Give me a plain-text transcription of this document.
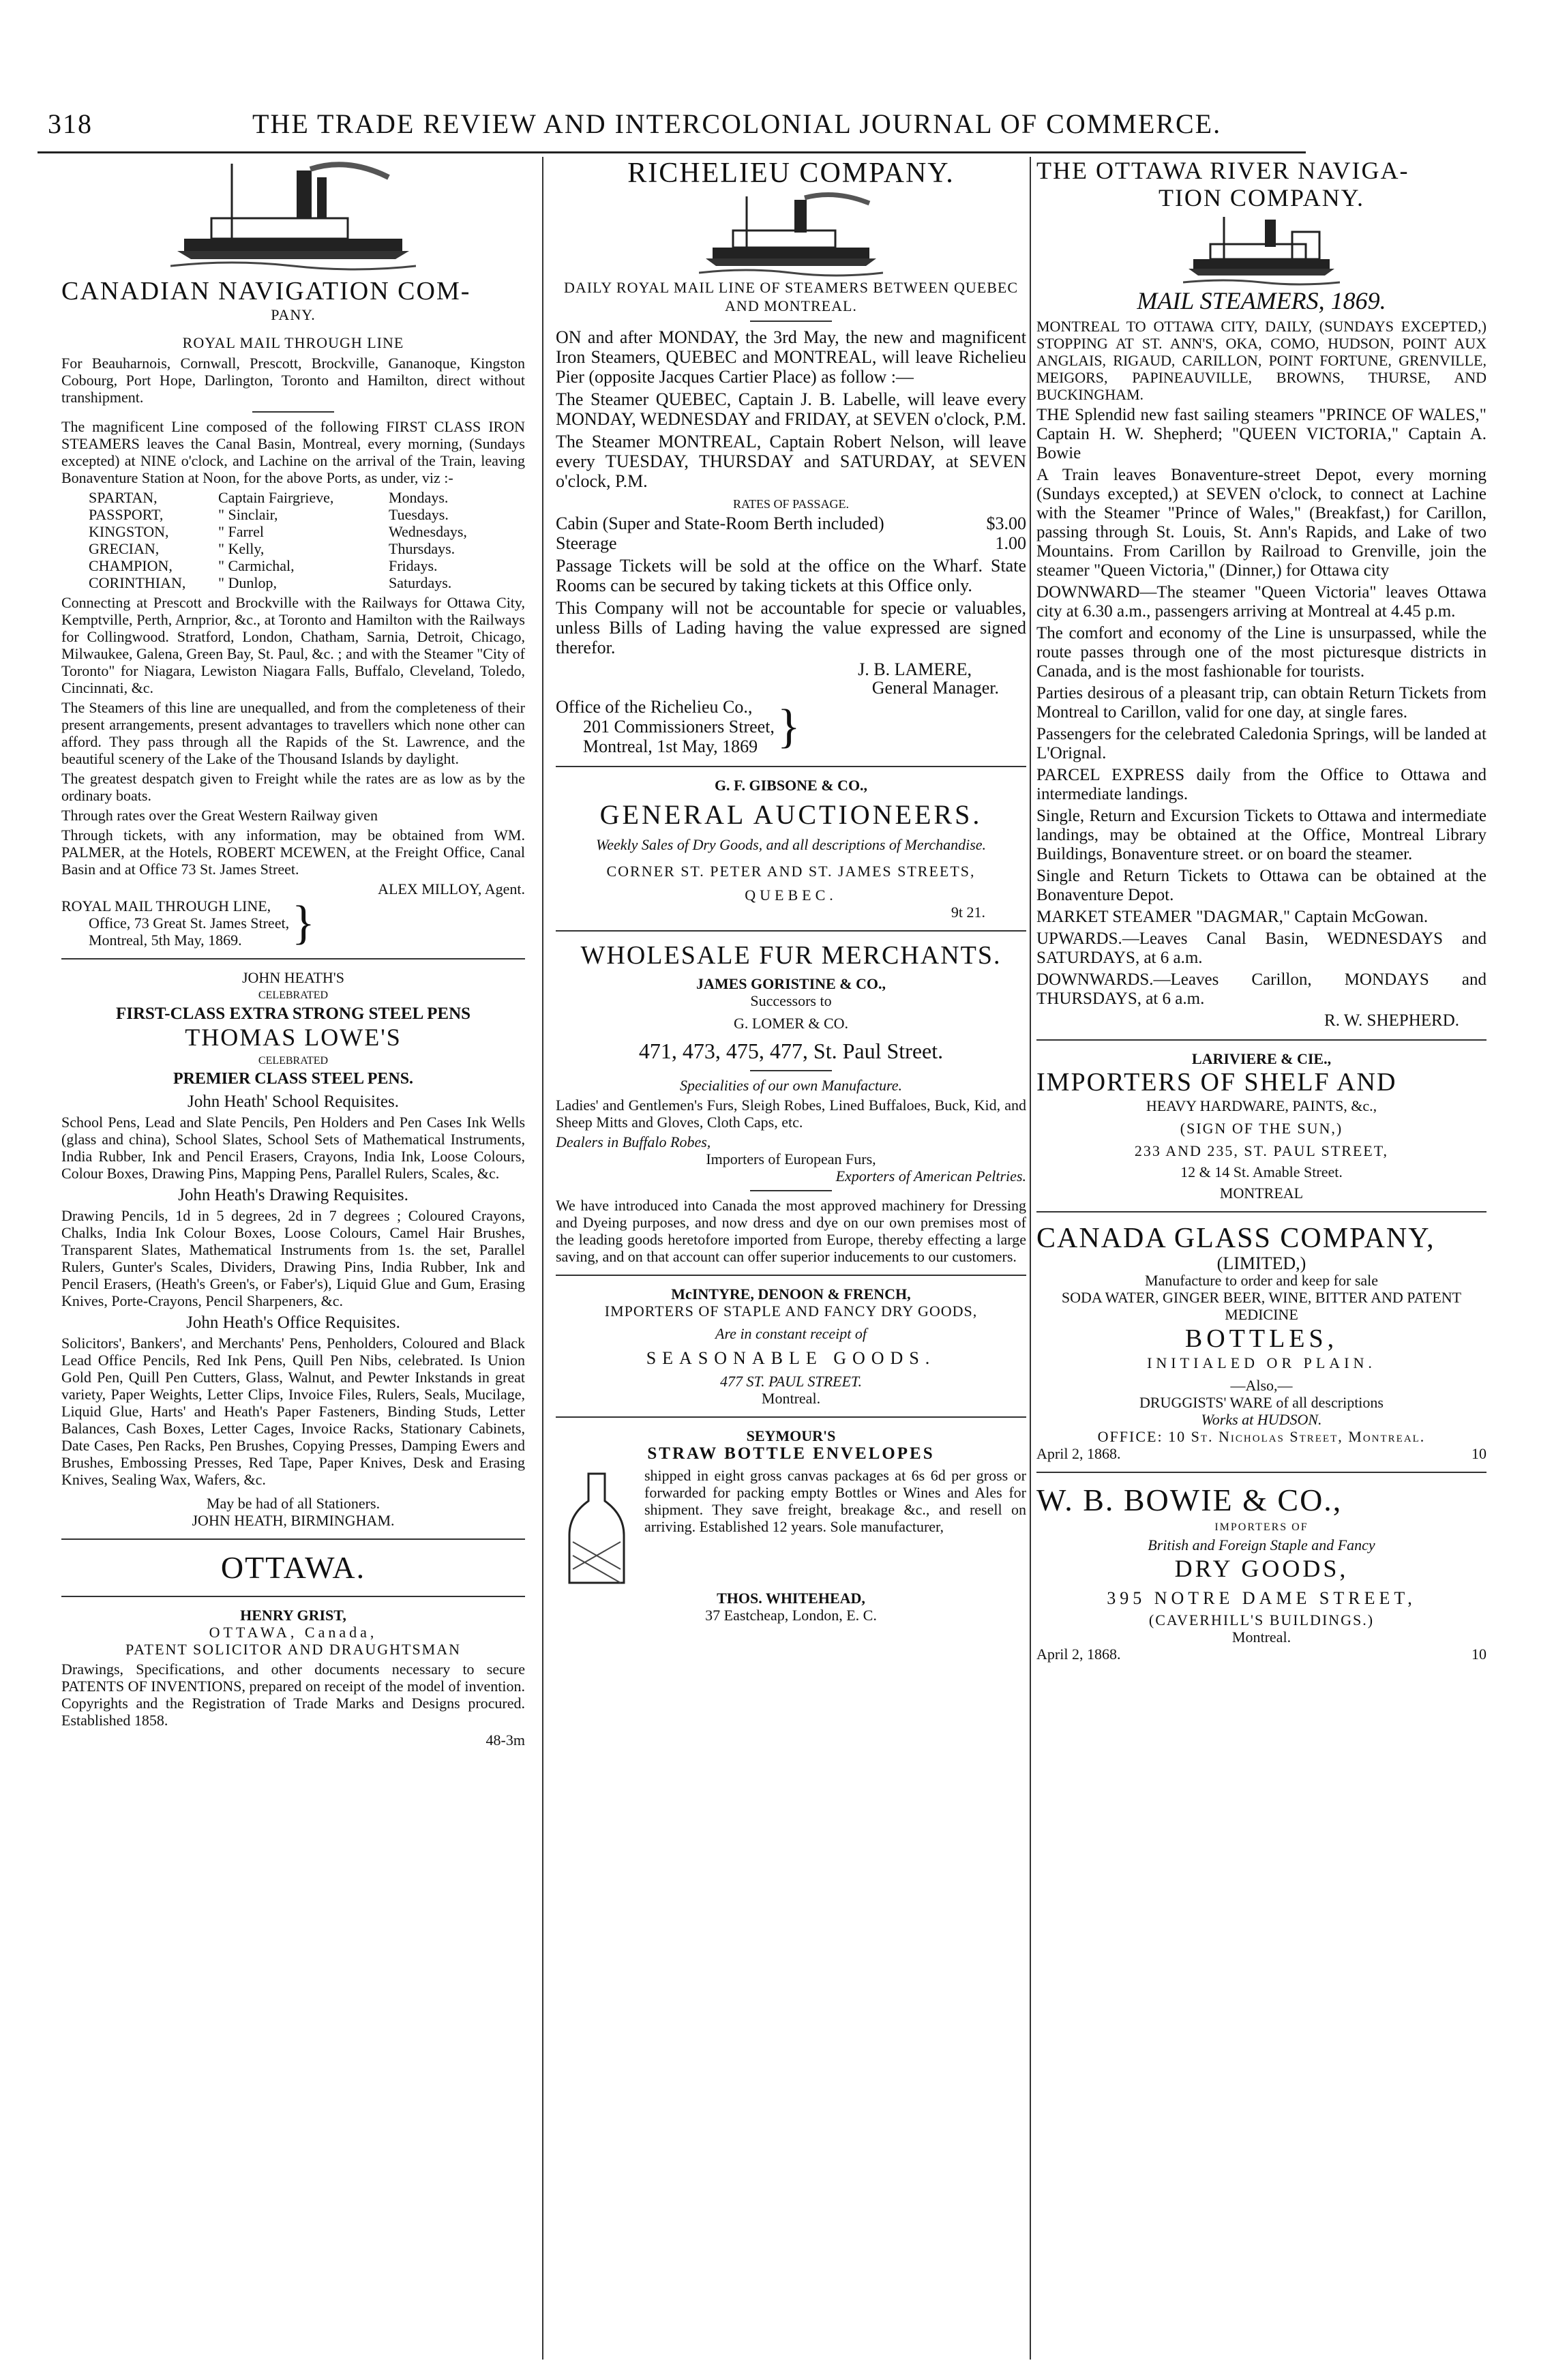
318	THE TRADE REVIEW AND INTERCOLONIAL JOURNAL OF COMMERCE.
CANADIAN NAVIGATION COM-
PANY.
ROYAL MAIL THROUGH LINE
For Beauharnois, Cornwall, Prescott, Brockville, Gananoque, Kingston Cobourg, Port Hope, Darlington, Toronto and Hamilton, direct without transhipment.
The magnificent Line composed of the following FIRST CLASS IRON STEAMERS leaves the Canal Basin, Montreal, every morning, (Sundays excepted) at NINE o'clock, and Lachine on the arrival of the Train, leaving Bonaventure Station at Noon, for the above Ports, as under, viz :-
SPARTAN,	Captain Fairgrieve,	Mondays.
PASSPORT,	" Sinclair,	Tuesdays.
KINGSTON,	" Farrel	Wednesdays,
GRECIAN,	" Kelly,	Thursdays.
CHAMPION,	" Carmichal,	Fridays.
CORINTHIAN,	" Dunlop,	Saturdays.
Connecting at Prescott and Brockville with the Railways for Ottawa City, Kemptville, Perth, Arnprior, &c., at Toronto and Hamilton with the Railways for Collingwood. Stratford, London, Chatham, Sarnia, Detroit, Chicago, Milwaukee, Galena, Green Bay, St. Paul, &c. ; and with the Steamer "City of Toronto" for Niagara, Lewiston Niagara Falls, Buffalo, Cleveland, Toledo, Cincinnati, &c.
The Steamers of this line are unequalled, and from the completeness of their present arrangements, present advantages to travellers which none other can afford. They pass through all the Rapids of the St. Lawrence, and the beautiful scenery of the Lake of the Thousand Islands by daylight.
The greatest despatch given to Freight while the rates are as low as by the ordinary boats.
Through rates over the Great Western Railway given
Through tickets, with any information, may be obtained from WM. PALMER, at the Hotels, ROBERT MCEWEN, at the Freight Office, Canal Basin and at Office 73 St. James Street.
ALEX MILLOY, Agent.
ROYAL MAIL THROUGH LINE,
Office, 73 Great St. James Street,
Montreal, 5th May, 1869.	}
JOHN HEATH'S
CELEBRATED
FIRST-CLASS EXTRA STRONG STEEL PENS
THOMAS LOWE'S
CELEBRATED
PREMIER CLASS STEEL PENS.
John Heath' School Requisites.
School Pens, Lead and Slate Pencils, Pen Holders and Pen Cases Ink Wells (glass and china), School Slates, School Sets of Mathematical Instruments, India Rubber, Ink and Pencil Erasers, Crayons, India Ink, Loose Colours, Colour Boxes, Drawing Pins, Mapping Pens, Parallel Rulers, Scales, &c.
John Heath's Drawing Requisites.
Drawing Pencils, 1d in 5 degrees, 2d in 7 degrees ; Coloured Crayons, Chalks, India Ink Colour Boxes, Loose Colours, Camel Hair Brushes, Transparent Slates, Mathematical Instruments from 1s. the set, Parallel Rulers, Gunter's Scales, Dividers, Drawing Pins, India Rubber, Ink and Pencil Erasers, (Heath's Green's, or Faber's), Liquid Glue and Gum, Erasing Knives, Porte-Crayons, Pencil Sharpeners, &c.
John Heath's Office Requisites.
Solicitors', Bankers', and Merchants' Pens, Penholders, Coloured and Black Lead Office Pencils, Red Ink Pens, Quill Pen Nibs, celebrated. Is Union Gold Pen, Quill Pen Cutters, Glass, Walnut, and Pewter Inkstands in great variety, Paper Weights, Letter Clips, Invoice Files, Rulers, Seals, Mucilage, Liquid Glue, Harts' and Heath's Paper Fasteners, Binding Studs, Letter Balances, Cash Boxes, Letter Cages, Invoice Racks, Stationary Cabinets, Date Cases, Pen Racks, Pen Brushes, Copying Presses, Damping Ewers and Brushes, Embossing Presses, Red Tape, Paper Knives, Desk and Erasing Knives, Sealing Wax, Wafers, &c.
May be had of all Stationers.
JOHN HEATH, BIRMINGHAM.
OTTAWA.
HENRY GRIST,
OTTAWA, Canada,
PATENT SOLICITOR AND DRAUGHTSMAN
Drawings, Specifications, and other documents necessary to secure PATENTS OF INVENTIONS, prepared on receipt of the model of invention. Copyrights and the Registration of Trade Marks and Designs procured. Established 1858.
48-3m
RICHELIEU COMPANY.
DAILY ROYAL MAIL LINE OF STEAMERS BETWEEN QUEBEC AND MONTREAL.
ON and after MONDAY, the 3rd May, the new and magnificent Iron Steamers, QUEBEC and MONTREAL, will leave Richelieu Pier (opposite Jacques Cartier Place) as follow :—
The Steamer QUEBEC, Captain J. B. Labelle, will leave every MONDAY, WEDNESDAY and FRIDAY, at SEVEN o'clock, P.M.
The Steamer MONTREAL, Captain Robert Nelson, will leave every TUESDAY, THURSDAY and SATURDAY, at SEVEN o'clock, P.M.
RATES OF PASSAGE.
Cabin (Super and State-Room Berth included)	$3.00
Steerage	1.00
Passage Tickets will be sold at the office on the Wharf. State Rooms can be secured by taking tickets at this Office only.
This Company will not be accountable for specie or valuables, unless Bills of Lading having the value expressed are signed therefor.
J. B. LAMERE,
General Manager.
Office of the Richelieu Co.,
201 Commissioners Street,
Montreal, 1st May, 1869 }
G. F. GIBSONE & CO.,
GENERAL AUCTIONEERS.
Weekly Sales of Dry Goods, and all descriptions of Merchandise.
CORNER ST. PETER AND ST. JAMES STREETS,
QUEBEC.
9t 21.
WHOLESALE FUR MERCHANTS.
JAMES GORISTINE & CO.,
Successors to
G. LOMER & CO.
471, 473, 475, 477, St. Paul Street.
Specialities of our own Manufacture.
Ladies' and Gentlemen's Furs, Sleigh Robes, Lined Buffaloes, Buck, Kid, and Sheep Mitts and Gloves, Cloth Caps, etc.
Dealers in Buffalo Robes,
Importers of European Furs,
Exporters of American Peltries.
We have introduced into Canada the most approved machinery for Dressing and Dyeing purposes, and now dress and dye on our own premises most of the leading goods heretofore imported from Europe, thereby effecting a large saving, and on that account can offer superior inducements to our customers.
McINTYRE, DENOON & FRENCH,
IMPORTERS OF STAPLE AND FANCY DRY GOODS,
Are in constant receipt of
SEASONABLE GOODS.
477 ST. PAUL STREET.
Montreal.
SEYMOUR'S
STRAW BOTTLE ENVELOPES
shipped in eight gross canvas packages at 6s 6d per gross or forwarded for packing empty Bottles or Wines and Ales for shipment. They save freight, breakage &c., and resell on arriving. Established 12 years. Sole manufacturer,
THOS. WHITEHEAD,
37 Eastcheap, London, E. C.
THE OTTAWA RIVER NAVIGA-
TION COMPANY.
MAIL STEAMERS, 1869.
MONTREAL TO OTTAWA CITY, DAILY, (SUNDAYS EXCEPTED,) STOPPING AT ST. ANN'S, OKA, COMO, HUDSON, POINT AUX ANGLAIS, RIGAUD, CARILLON, POINT FORTUNE, GRENVILLE, MEIGORS, PAPINEAUVILLE, BROWNS, THURSE, AND BUCKINGHAM.
THE Splendid new fast sailing steamers "PRINCE OF WALES," Captain H. W. Shepherd; "QUEEN VICTORIA," Captain A. Bowie
A Train leaves Bonaventure-street Depot, every morning (Sundays excepted,) at SEVEN o'clock, to connect at Lachine with the Steamer "Prince of Wales," (Breakfast,) for Carillon, passing through St. Louis, St. Ann's Rapids, and Lake of two Mountains. From Carillon by Railroad to Grenville, join the steamer "Queen Victoria," (Dinner,) for Ottawa city
DOWNWARD—The steamer "Queen Victoria" leaves Ottawa city at 6.30 a.m., passengers arriving at Montreal at 4.45 p.m.
The comfort and economy of the Line is unsurpassed, while the route passes through one of the most picturesque districts in Canada, and is the most fashionable for tourists.
Parties desirous of a pleasant trip, can obtain Return Tickets from Montreal to Carillon, valid for one day, at single fares.
Passengers for the celebrated Caledonia Springs, will be landed at L'Orignal.
PARCEL EXPRESS daily from the Office to Ottawa and intermediate landings.
Single, Return and Excursion Tickets to Ottawa and intermediate landings, may be obtained at the Office, Montreal Library Buildings, Bonaventure street. or on board the steamer.
Single and Return Tickets to Ottawa can be obtained at the Bonaventure Depot.
MARKET STEAMER "DAGMAR," Captain McGowan.
UPWARDS.—Leaves Canal Basin, WEDNESDAYS and SATURDAYS, at 6 a.m.
DOWNWARDS.—Leaves Carillon, MONDAYS and THURSDAYS, at 6 a.m.
R. W. SHEPHERD.
LARIVIERE & CIE.,
IMPORTERS OF SHELF AND
HEAVY HARDWARE, PAINTS, &c.,
(SIGN OF THE SUN,)
233 AND 235, ST. PAUL STREET,
12 & 14 St. Amable Street.
MONTREAL
CANADA GLASS COMPANY,
(LIMITED,)
Manufacture to order and keep for sale
SODA WATER, GINGER BEER, WINE, BITTER AND PATENT MEDICINE
BOTTLES,
INITIALED OR PLAIN.
—Also,—
DRUGGISTS' WARE of all descriptions
Works at HUDSON.
OFFICE: 10 St. Nicholas Street, Montreal.
April 2, 1868.	10
W. B. BOWIE & CO.,
IMPORTERS OF
British and Foreign Staple and Fancy
DRY GOODS,
395 NOTRE DAME STREET,
(CAVERHILL'S BUILDINGS.)
Montreal.
April 2, 1868.	10
